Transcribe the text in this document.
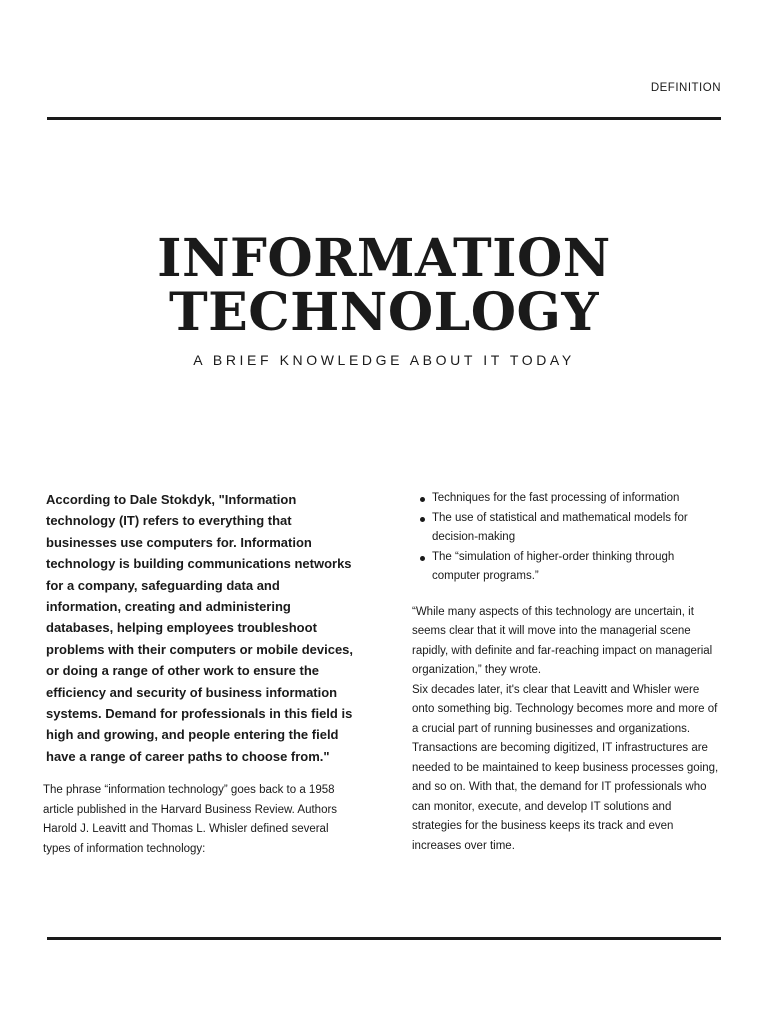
DEFINITION
INFORMATION
TECHNOLOGY
A BRIEF KNOWLEDGE ABOUT IT TODAY

According to Dale Stokdyk, "Information technology (IT) refers to everything that businesses use computers for. Information technology is building communications networks for a company, safeguarding data and information, creating and administering databases, helping employees troubleshoot problems with their computers or mobile devices, or doing a range of other work to ensure the efficiency and security of business information systems. Demand for professionals in this field is high and growing, and people entering the field have a range of career paths to choose from."

The phrase “information technology” goes back to a 1958 article published in the Harvard Business Review. Authors Harold J. Leavitt and Thomas L. Whisler defined several types of information technology:

Techniques for the fast processing of information
The use of statistical and mathematical models for decision-making
The “simulation of higher-order thinking through computer programs.”

“While many aspects of this technology are uncertain, it seems clear that it will move into the managerial scene rapidly, with definite and far-reaching impact on managerial organization,” they wrote.

Six decades later, it's clear that Leavitt and Whisler were onto something big. Technology becomes more and more of a crucial part of running businesses and organizations. Transactions are becoming digitized, IT infrastructures are needed to be maintained to keep business processes going, and so on. With that, the demand for IT professionals who can monitor, execute, and develop IT solutions and strategies for the business keeps its track and even increases over time.
